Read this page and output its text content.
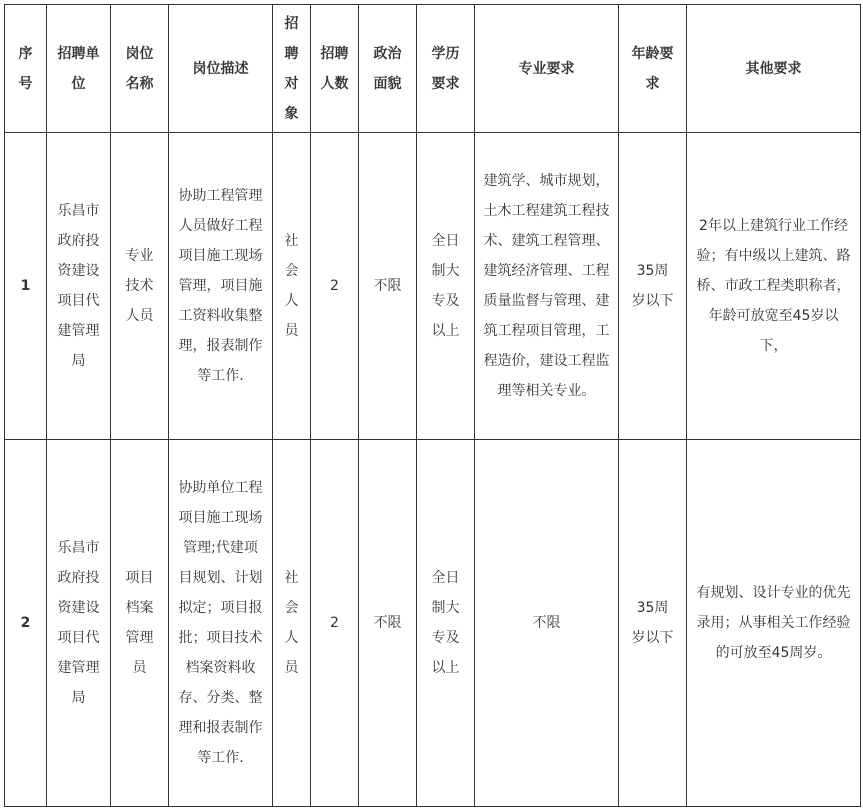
序号	招聘单位	岗位名称	岗位描述	招聘对象	招聘人数	政治面貌	学历要求	专业要求	年龄要求	其他要求

1	乐昌市政府投资建设项目代建管理局	专业技术人员	协助工程管理人员做好工程项目施工现场管理，项目施工资料收集整理，报表制作等工作.	社会人员	2	不限	全日制大专及以上	建筑学、城市规划，土木工程建筑工程技术、建筑工程管理、建筑经济管理、工程质量监督与管理、建筑工程项目管理，工程造价，建设工程监理等相关专业。	35周岁以下	2年以上建筑行业工作经验；有中级以上建筑、路桥、市政工程类职称者，年龄可放宽至45岁以下，

2	乐昌市政府投资建设项目代建管理局	项目档案管理员	协助单位工程项目施工现场管理;代建项目规划、计划拟定；项目报批；项目技术档案资料收存、分类、整理和报表制作等工作.	社会人员	2	不限	全日制大专及以上	不限	35周岁以下	有规划、设计专业的优先录用；从事相关工作经验的可放至45周岁。
